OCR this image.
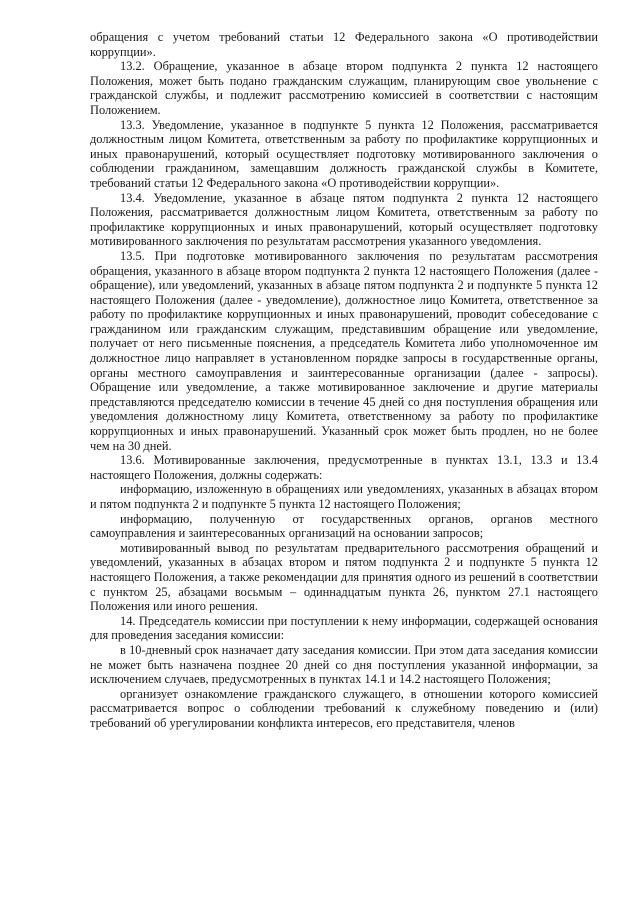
обращения с учетом требований статьи 12 Федерального закона «О противодействии коррупции».

13.2. Обращение, указанное в абзаце втором подпункта 2 пункта 12 настоящего Положения, может быть подано гражданским служащим, планирующим свое увольнение с гражданской службы, и подлежит рассмотрению комиссией в соответствии с настоящим Положением.

13.3. Уведомление, указанное в подпункте 5 пункта 12 Положения, рассматривается должностным лицом Комитета, ответственным за работу по профилактике коррупционных и иных правонарушений, который осуществляет подготовку мотивированного заключения о соблюдении гражданином, замещавшим должность гражданской службы в Комитете, требований статьи 12 Федерального закона «О противодействии коррупции».

13.4. Уведомление, указанное в абзаце пятом подпункта 2 пункта 12 настоящего Положения, рассматривается должностным лицом Комитета, ответственным за работу по профилактике коррупционных и иных правонарушений, который осуществляет подготовку мотивированного заключения по результатам рассмотрения указанного уведомления.

13.5. При подготовке мотивированного заключения по результатам рассмотрения обращения, указанного в абзаце втором подпункта 2 пункта 12 настоящего Положения (далее - обращение), или уведомлений, указанных в абзаце пятом подпункта 2 и подпункте 5 пункта 12 настоящего Положения (далее - уведомление), должностное лицо Комитета, ответственное за работу по профилактике коррупционных и иных правонарушений, проводит собеседование с гражданином или гражданским служащим, представившим обращение или уведомление, получает от него письменные пояснения, а председатель Комитета либо уполномоченное им должностное лицо направляет в установленном порядке запросы в государственные органы, органы местного самоуправления и заинтересованные организации (далее - запросы). Обращение или уведомление, а также мотивированное заключение и другие материалы представляются председателю комиссии в течение 45 дней со дня поступления обращения или уведомления должностному лицу Комитета, ответственному за работу по профилактике коррупционных и иных правонарушений. Указанный срок может быть продлен, но не более чем на 30 дней.

13.6. Мотивированные заключения, предусмотренные в пунктах 13.1, 13.3 и 13.4 настоящего Положения, должны содержать:

информацию, изложенную в обращениях или уведомлениях, указанных в абзацах втором и пятом подпункта 2 и подпункте 5 пункта 12 настоящего Положения;

информацию, полученную от государственных органов, органов местного самоуправления и заинтересованных организаций на основании запросов;

мотивированный вывод по результатам предварительного рассмотрения обращений и уведомлений, указанных в абзацах втором и пятом подпункта 2 и подпункте 5 пункта 12 настоящего Положения, а также рекомендации для принятия одного из решений в соответствии с пунктом 25, абзацами восьмым – одиннадцатым пункта 26, пунктом 27.1 настоящего Положения или иного решения.

14. Председатель комиссии при поступлении к нему информации, содержащей основания для проведения заседания комиссии:

в 10-дневный срок назначает дату заседания комиссии. При этом дата заседания комиссии не может быть назначена позднее 20 дней со дня поступления указанной информации, за исключением случаев, предусмотренных в пунктах 14.1 и 14.2 настоящего Положения;

организует ознакомление гражданского служащего, в отношении которого комиссией рассматривается вопрос о соблюдении требований к служебному поведению и (или) требований об урегулировании конфликта интересов, его представителя, членов
